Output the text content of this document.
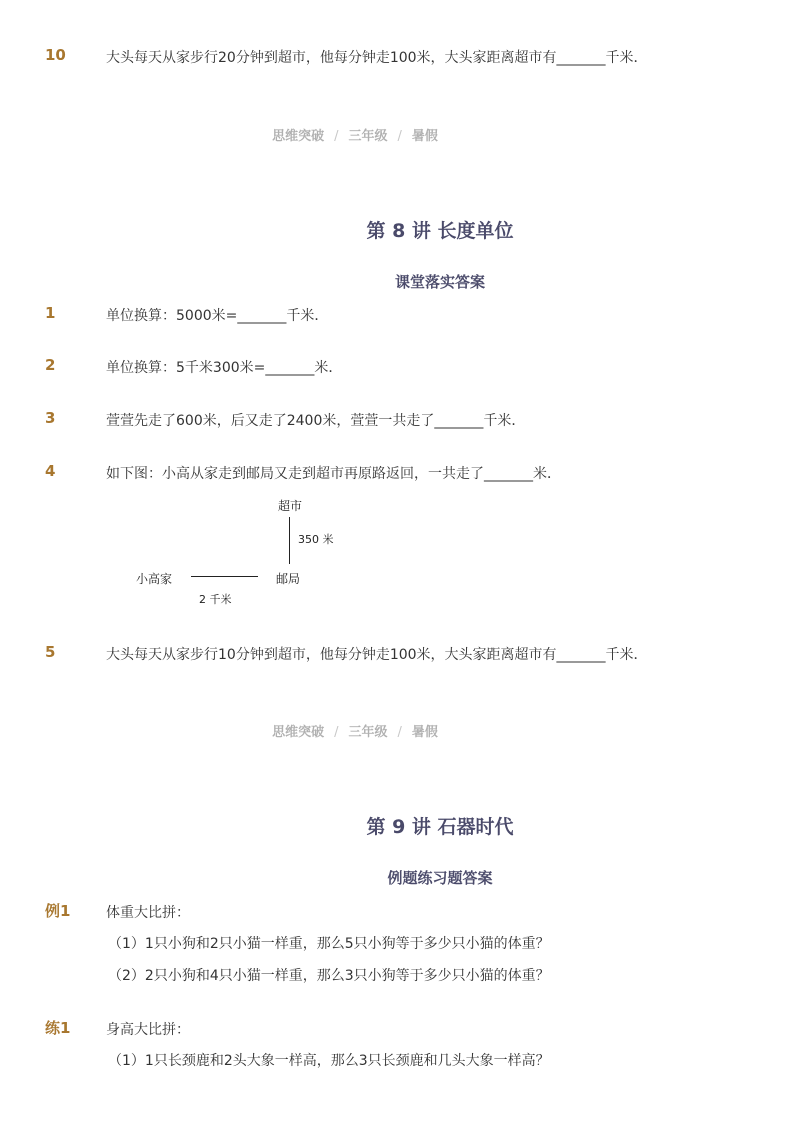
10	大头每天从家步行20分钟到超市，他每分钟走100米，大头家距离超市有_______千米．
思维突破 / 三年级 / 暑假
第 8 讲 长度单位
课堂落实答案
1	单位换算：5000米=_______千米．
2	单位换算：5千米300米=_______米．
3	萱萱先走了600米，后又走了2400米，萱萱一共走了_______千米．
4	如下图：小高从家走到邮局又走到超市再原路返回，一共走了_______米．
超市
350 米
小高家	邮局
2 千米
5	大头每天从家步行10分钟到超市，他每分钟走100米，大头家距离超市有_______千米．
思维突破 / 三年级 / 暑假
第 9 讲 石器时代
例题练习题答案
例1	体重大比拼：
（1）1只小狗和2只小猫一样重，那么5只小狗等于多少只小猫的体重？
（2）2只小狗和4只小猫一样重，那么3只小狗等于多少只小猫的体重？
练1	身高大比拼：
（1）1只长颈鹿和2头大象一样高，那么3只长颈鹿和几头大象一样高？
